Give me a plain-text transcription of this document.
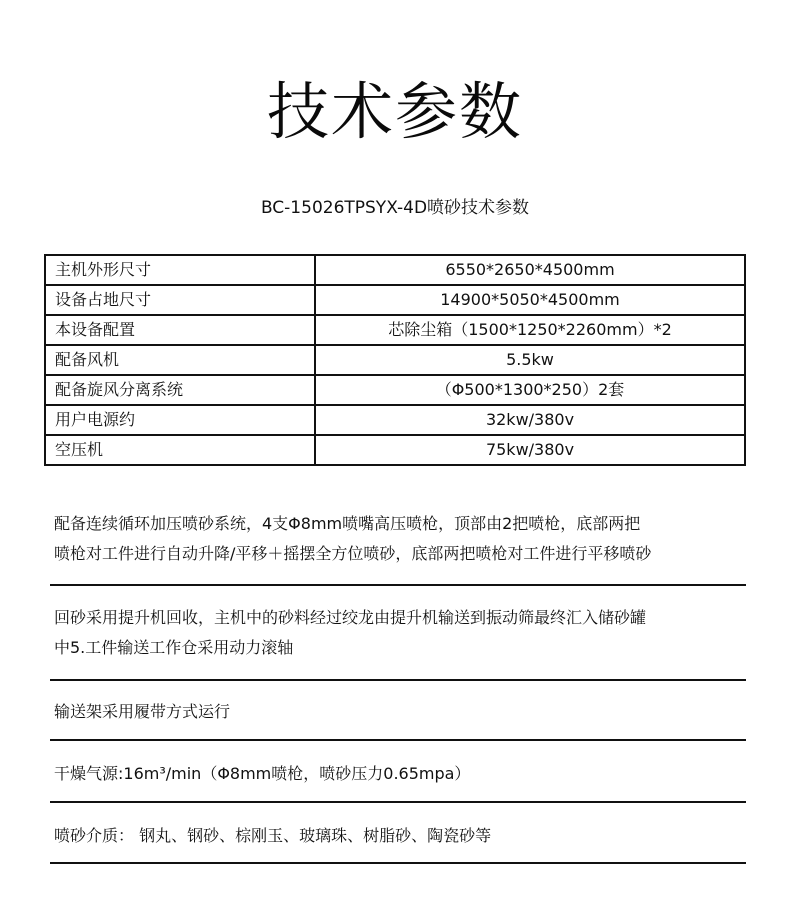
技术参数
BC-15026TPSYX-4D喷砂技术参数
主机外形尺寸	6550*2650*4500mm
设备占地尺寸	14900*5050*4500mm
本设备配置	芯除尘箱（1500*1250*2260mm）*2
配备风机	5.5kw
配备旋风分离系统	（Φ500*1300*250）2套
用户电源约	32kw/380v
空压机	75kw/380v
配备连续循环加压喷砂系统，4支Φ8mm喷嘴高压喷枪，顶部由2把喷枪，底部两把
喷枪对工件进行自动升降/平移＋摇摆全方位喷砂，底部两把喷枪对工件进行平移喷砂
回砂采用提升机回收，主机中的砂料经过绞龙由提升机输送到振动筛最终汇入储砂罐
中5.工件输送工作仓采用动力滚轴
输送架采用履带方式运行
干燥气源:16m³/min（Φ8mm喷枪，喷砂压力0.65mpa）
喷砂介质： 钢丸、钢砂、棕刚玉、玻璃珠、树脂砂、陶瓷砂等
